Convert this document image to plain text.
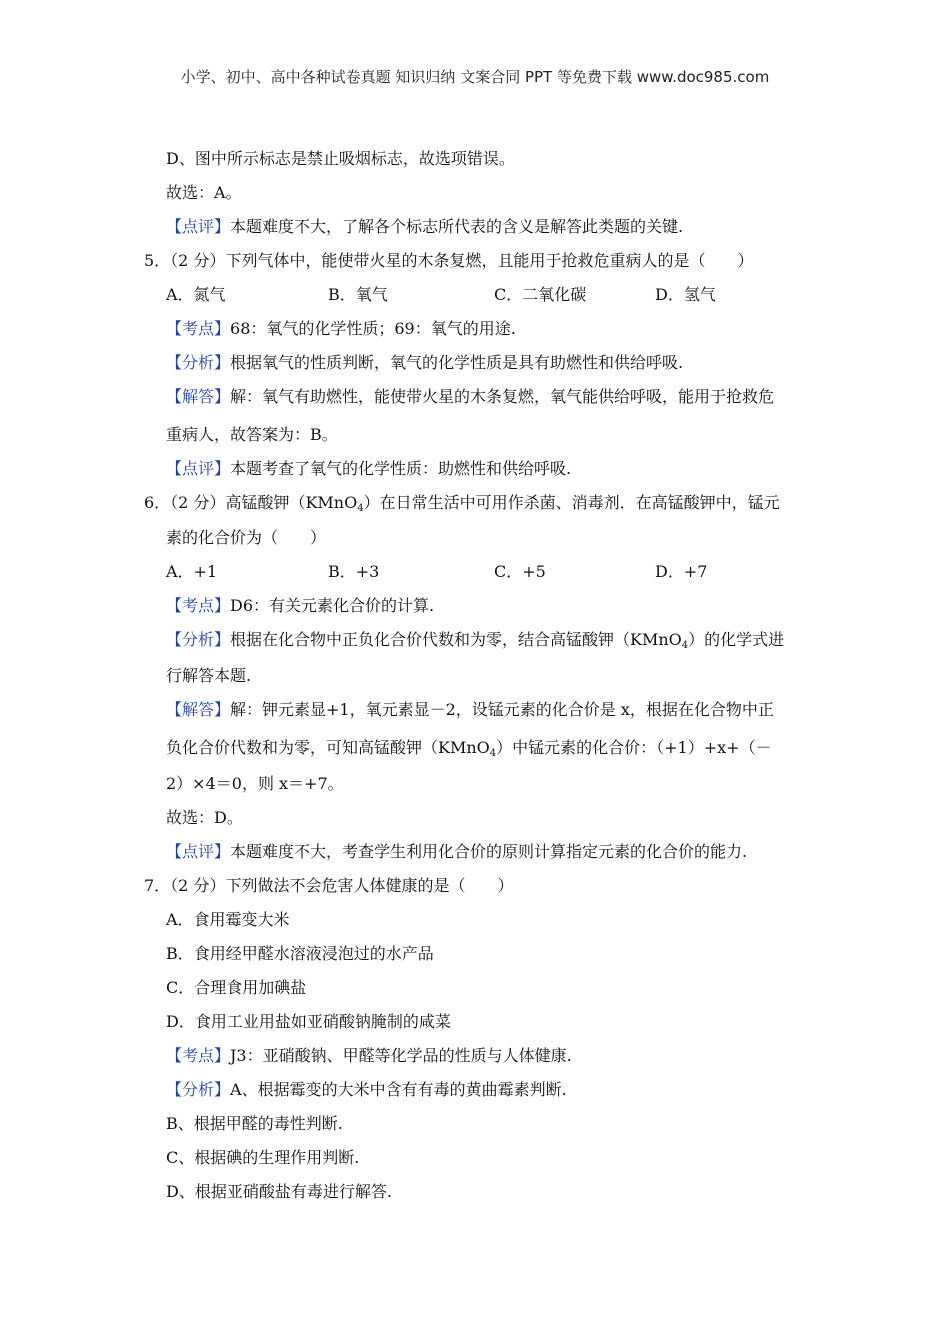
小学、初中、高中各种试卷真题 知识归纳 文案合同 PPT 等免费下载 www.doc985.com
D、图中所示标志是禁止吸烟标志，故选项错误。
故选：A。
【点评】本题难度不大，了解各个标志所代表的含义是解答此类题的关键.
5．（2 分）下列气体中，能使带火星的木条复燃，且能用于抢救危重病人的是（　　）
A．氮气	B．氧气	C．二氧化碳	D．氢气
【考点】68：氧气的化学性质；69：氧气的用途.
【分析】根据氧气的性质判断，氧气的化学性质是具有助燃性和供给呼吸.
【解答】解：氧气有助燃性，能使带火星的木条复燃，氧气能供给呼吸，能用于抢救危
重病人，故答案为：B。
【点评】本题考查了氧气的化学性质：助燃性和供给呼吸.
6．（2 分）高锰酸钾（KMnO$_4$）在日常生活中可用作杀菌、消毒剂．在高锰酸钾中，锰元
素的化合价为（　　）
A．+1	B．+3	C．+5	D．+7
【考点】D6：有关元素化合价的计算.
【分析】根据在化合物中正负化合价代数和为零，结合高锰酸钾（KMnO$_4$）的化学式进
行解答本题.
【解答】解：钾元素显+1，氧元素显－2，设锰元素的化合价是 x，根据在化合物中正
负化合价代数和为零，可知高锰酸钾（KMnO$_4$）中锰元素的化合价：（+1）+x+（－
2）×4＝0，则 x＝+7。
故选：D。
【点评】本题难度不大，考查学生利用化合价的原则计算指定元素的化合价的能力.
7．（2 分）下列做法不会危害人体健康的是（　　）
A．食用霉变大米
B．食用经甲醛水溶液浸泡过的水产品
C．合理食用加碘盐
D．食用工业用盐如亚硝酸钠腌制的咸菜
【考点】J3：亚硝酸钠、甲醛等化学品的性质与人体健康.
【分析】A、根据霉变的大米中含有有毒的黄曲霉素判断.
B、根据甲醛的毒性判断.
C、根据碘的生理作用判断.
D、根据亚硝酸盐有毒进行解答.
